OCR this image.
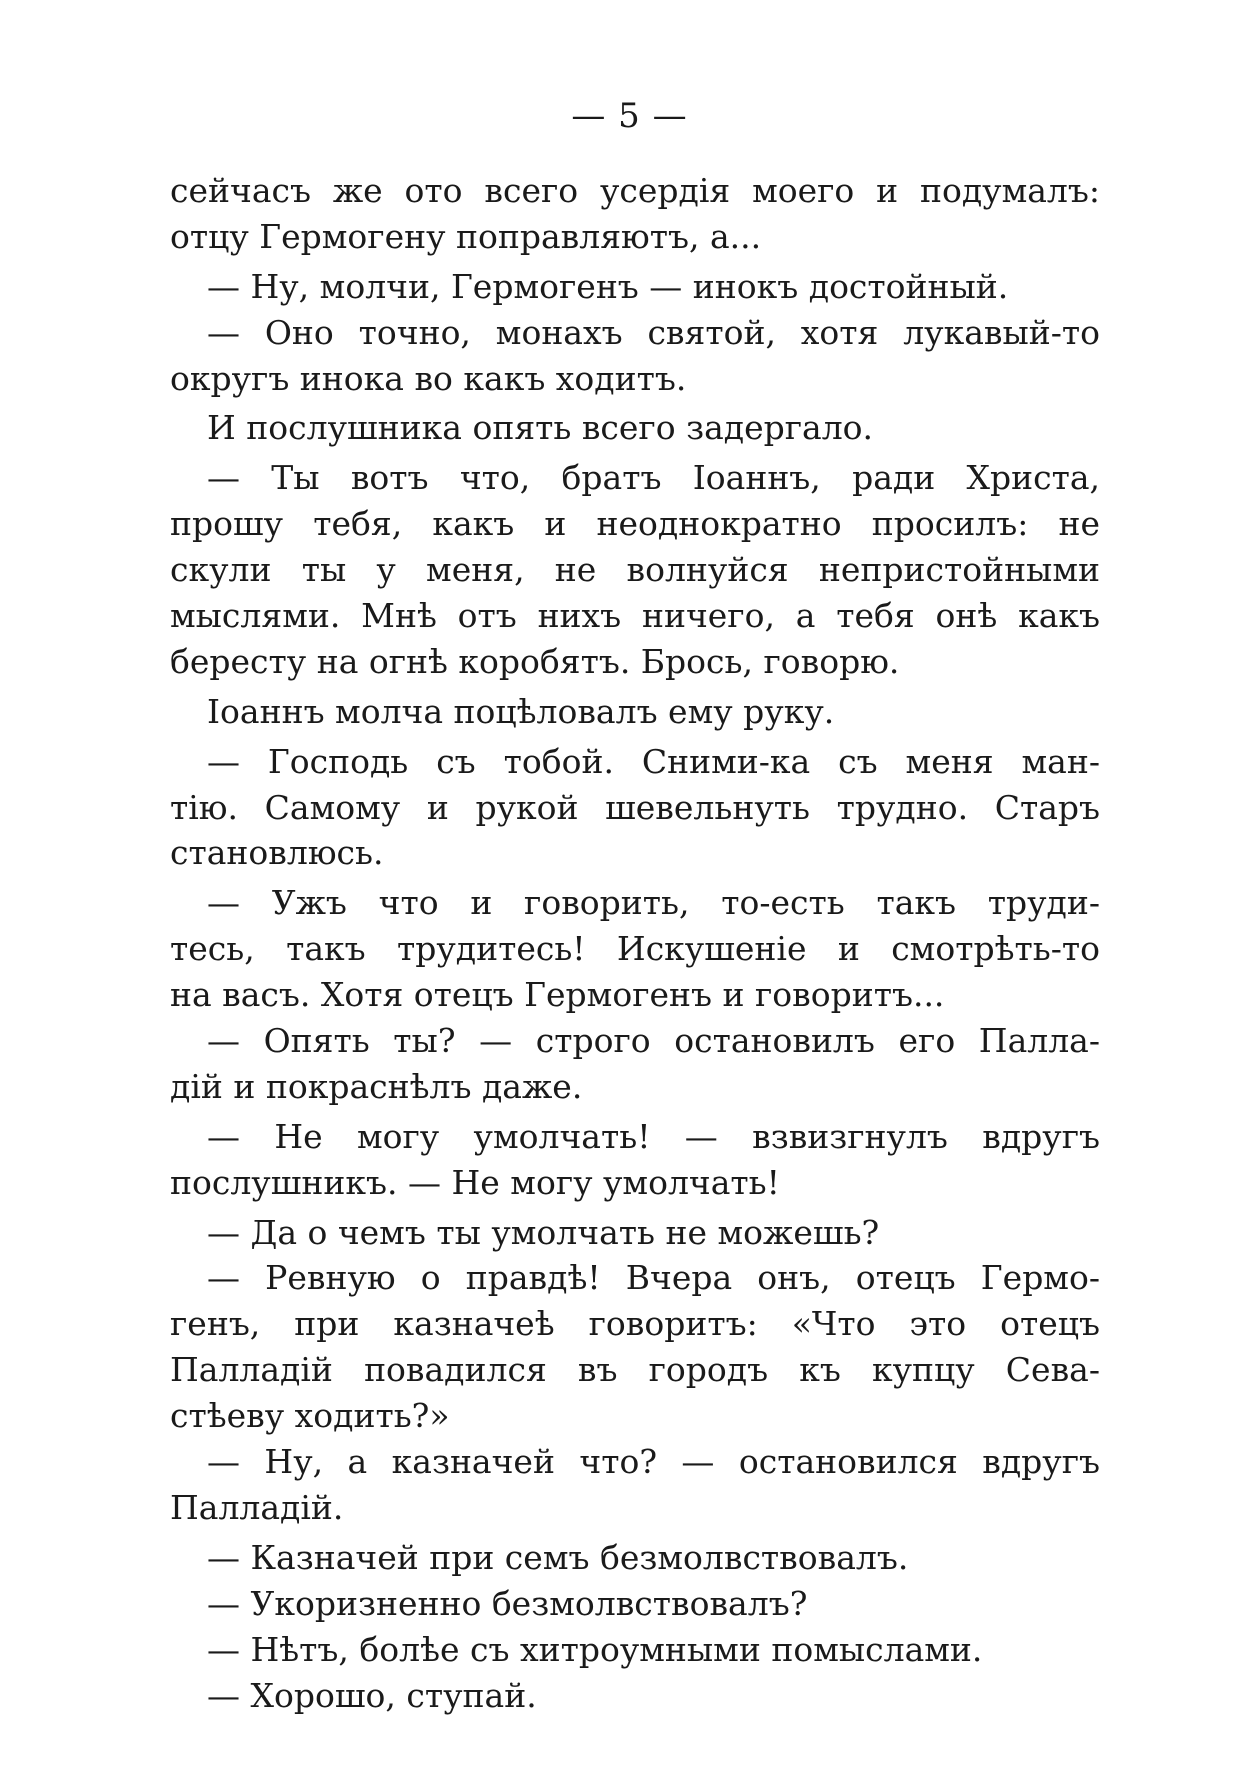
— 5 —
сейчасъ же ото всего усердія моего и подумалъ:
отцу Гермогену поправляютъ, а...
— Ну, молчи, Гермогенъ — инокъ достойный.
— Оно точно, монахъ святой, хотя лукавый-то
округъ инока во какъ ходитъ.
И послушника опять всего задергало.
— Ты вотъ что, братъ Іоаннъ, ради Христа,
прошу тебя, какъ и неоднократно просилъ: не
скули ты у меня, не волнуйся непристойными
мыслями. Мнѣ отъ нихъ ничего, а тебя онѣ какъ
бересту на огнѣ коробятъ. Брось, говорю.
Іоаннъ молча поцѣловалъ ему руку.
— Господь съ тобой. Сними-ка съ меня ман-
тію. Самому и рукой шевельнуть трудно. Старъ
становлюсь.
— Ужъ что и говорить, то-есть такъ труди-
тесь, такъ трудитесь! Искушеніе и смотрѣть-то
на васъ. Хотя отецъ Гермогенъ и говоритъ...
— Опять ты? — строго остановилъ его Палла-
дій и покраснѣлъ даже.
— Не могу умолчать! — взвизгнулъ вдругъ
послушникъ. — Не могу умолчать!
— Да о чемъ ты умолчать не можешь?
— Ревную о правдѣ! Вчера онъ, отецъ Гермо-
генъ, при казначеѣ говоритъ: «Что это отецъ
Палладій повадился въ городъ къ купцу Сева-
стѣеву ходить?»
— Ну, а казначей что? — остановился вдругъ
Палладій.
— Казначей при семъ безмолвствовалъ.
— Укоризненно безмолвствовалъ?
— Нѣтъ, болѣе съ хитроумными помыслами.
— Хорошо, ступай.
